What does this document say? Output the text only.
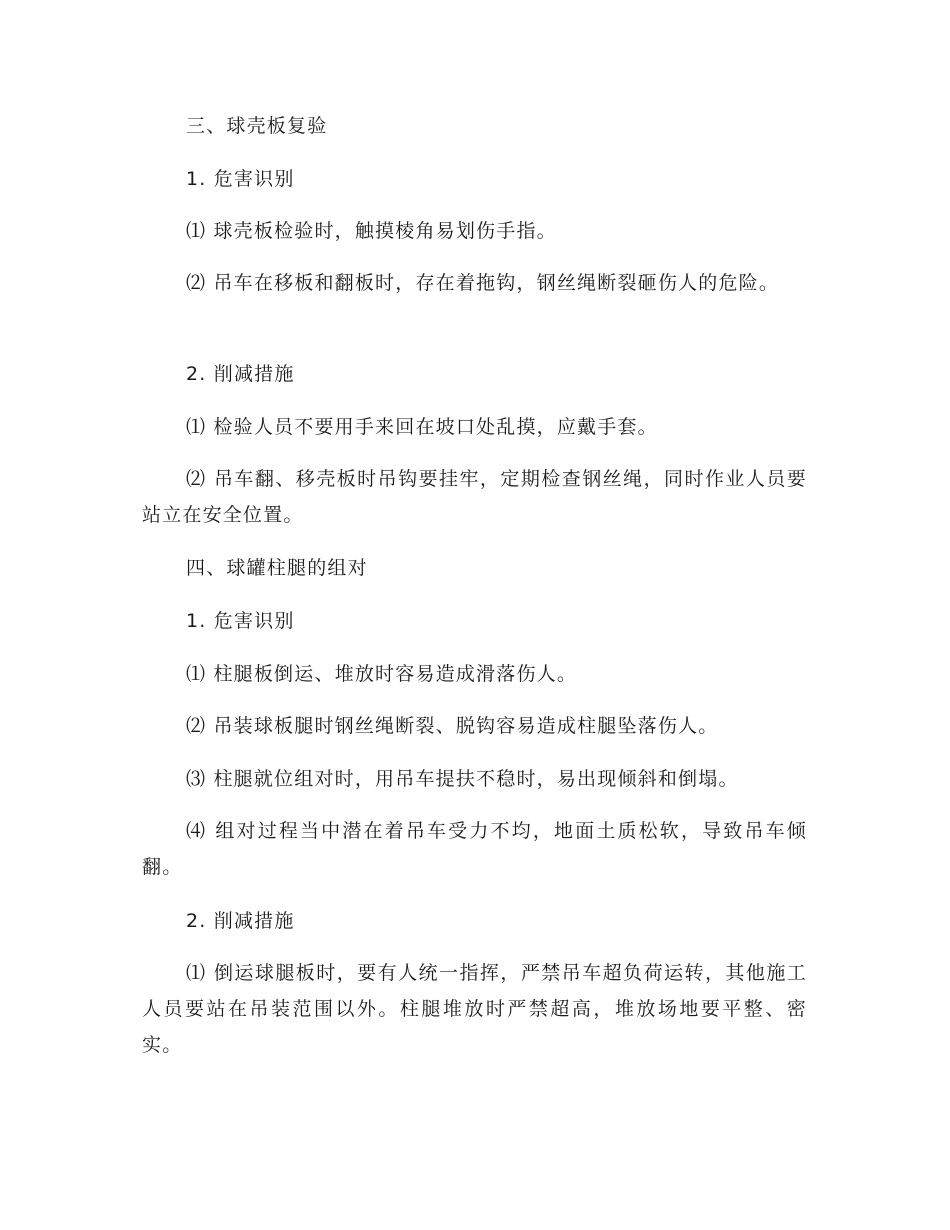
三、球壳板复验

1. 危害识别

⑴ 球壳板检验时，触摸棱角易划伤手指。

⑵ 吊车在移板和翻板时，存在着拖钩，钢丝绳断裂砸伤人的危险。

2. 削减措施

⑴ 检验人员不要用手来回在坡口处乱摸，应戴手套。

⑵ 吊车翻、移壳板时吊钩要挂牢，定期检查钢丝绳，同时作业人员要站立在安全位置。

四、球罐柱腿的组对

1. 危害识别

⑴ 柱腿板倒运、堆放时容易造成滑落伤人。

⑵ 吊装球板腿时钢丝绳断裂、脱钩容易造成柱腿坠落伤人。

⑶ 柱腿就位组对时，用吊车提扶不稳时，易出现倾斜和倒塌。

⑷ 组对过程当中潜在着吊车受力不均，地面土质松软，导致吊车倾翻。

2. 削减措施

⑴ 倒运球腿板时，要有人统一指挥，严禁吊车超负荷运转，其他施工人员要站在吊装范围以外。柱腿堆放时严禁超高，堆放场地要平整、密实。
